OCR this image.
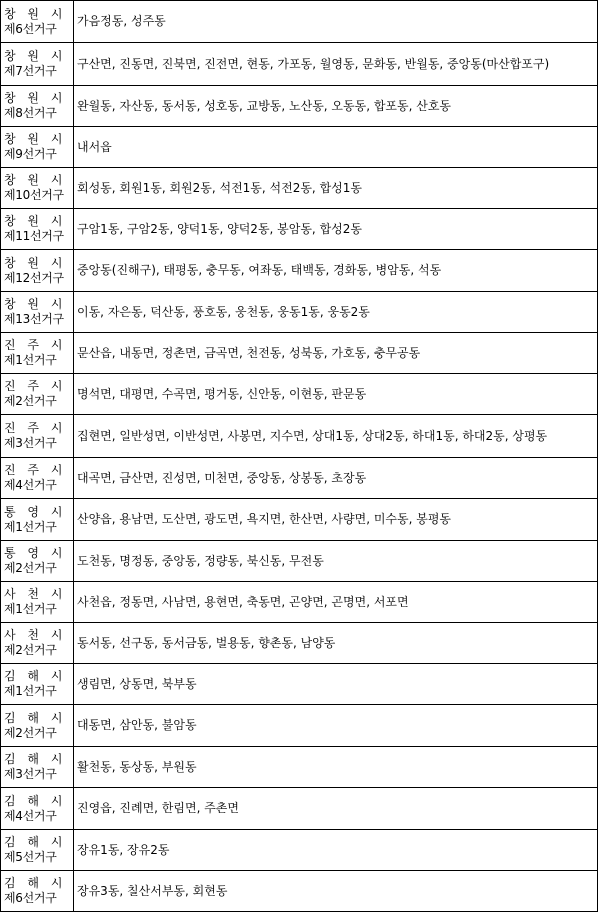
창 원 시
제6선거구	가음정동, 성주동

창 원 시
제7선거구	구산면, 진동면, 진북면, 진전면, 현동, 가포동, 월영동, 문화동, 반월동, 중앙동(마산합포구)

창 원 시
제8선거구	완월동, 자산동, 동서동, 성호동, 교방동, 노산동, 오동동, 합포동, 산호동

창 원 시
제9선거구	내서읍

창 원 시
제10선거구	회성동, 회원1동, 회원2동, 석전1동, 석전2동, 합성1동

창 원 시
제11선거구	구암1동, 구암2동, 양덕1동, 양덕2동, 봉암동, 합성2동

창 원 시
제12선거구	중앙동(진해구), 태평동, 충무동, 여좌동, 태백동, 경화동, 병암동, 석동

창 원 시
제13선거구	이동, 자은동, 덕산동, 풍호동, 웅천동, 웅동1동, 웅동2동

진 주 시
제1선거구	문산읍, 내동면, 정촌면, 금곡면, 천전동, 성북동, 가호동, 충무공동

진 주 시
제2선거구	명석면, 대평면, 수곡면, 평거동, 신안동, 이현동, 판문동

진 주 시
제3선거구	집현면, 일반성면, 이반성면, 사봉면, 지수면, 상대1동, 상대2동, 하대1동, 하대2동, 상평동

진 주 시
제4선거구	대곡면, 금산면, 진성면, 미천면, 중앙동, 상봉동, 초장동

통 영 시
제1선거구	산양읍, 용남면, 도산면, 광도면, 욕지면, 한산면, 사량면, 미수동, 봉평동

통 영 시
제2선거구	도천동, 명정동, 중앙동, 정량동, 북신동, 무전동

사 천 시
제1선거구	사천읍, 정동면, 사남면, 용현면, 축동면, 곤양면, 곤명면, 서포면

사 천 시
제2선거구	동서동, 선구동, 동서금동, 벌용동, 향촌동, 남양동

김 해 시
제1선거구	생림면, 상동면, 북부동

김 해 시
제2선거구	대동면, 삼안동, 불암동

김 해 시
제3선거구	활천동, 동상동, 부원동

김 해 시
제4선거구	진영읍, 진례면, 한림면, 주촌면

김 해 시
제5선거구	장유1동, 장유2동

김 해 시
제6선거구	장유3동, 칠산서부동, 회현동
